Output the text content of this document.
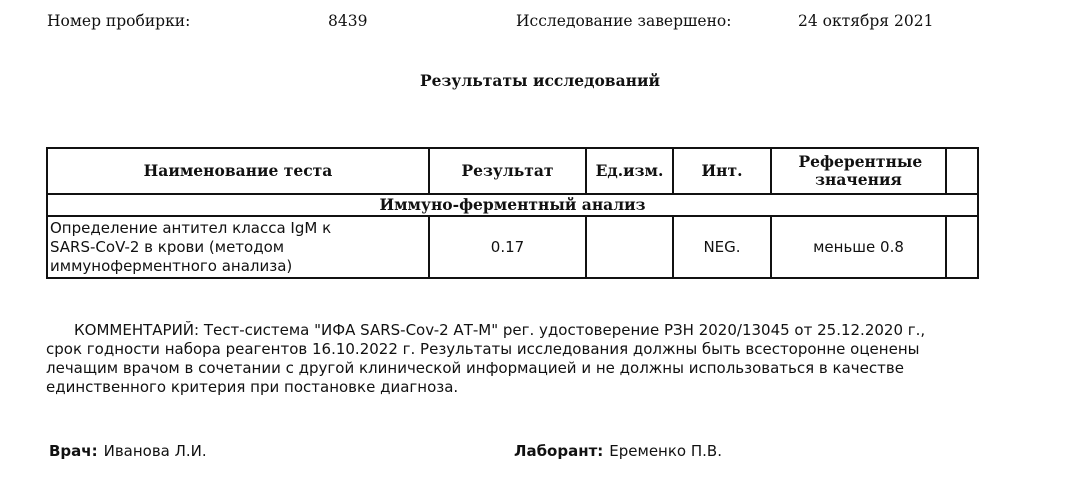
Номер пробирки:	8439	Исследование завершено:	24 октября 2021
Результаты исследований
Наименование теста	Результат	Ед.изм.	Инт.	Референтные значения	
Иммуно-ферментный анализ					

Определение антител класса IgM к
SARS-CoV-2 в крови (методом
иммуноферментного анализа)	0.17		NEG.	меньше 0.8	
КОММЕНТАРИЙ: Тест-система "ИФА SARS-Cov-2 АТ-М" рег. удостоверение РЗН 2020/13045 от 25.12.2020 г.,
срок годности набора реагентов 16.10.2022 г. Результаты исследования должны быть всесторонне оценены
лечащим врачом в сочетании с другой клинической информацией и не должны использоваться в качестве
единственного критерия при постановке диагноза.
Врач: Иванова Л.И.	Лаборант: Еременко П.В.
